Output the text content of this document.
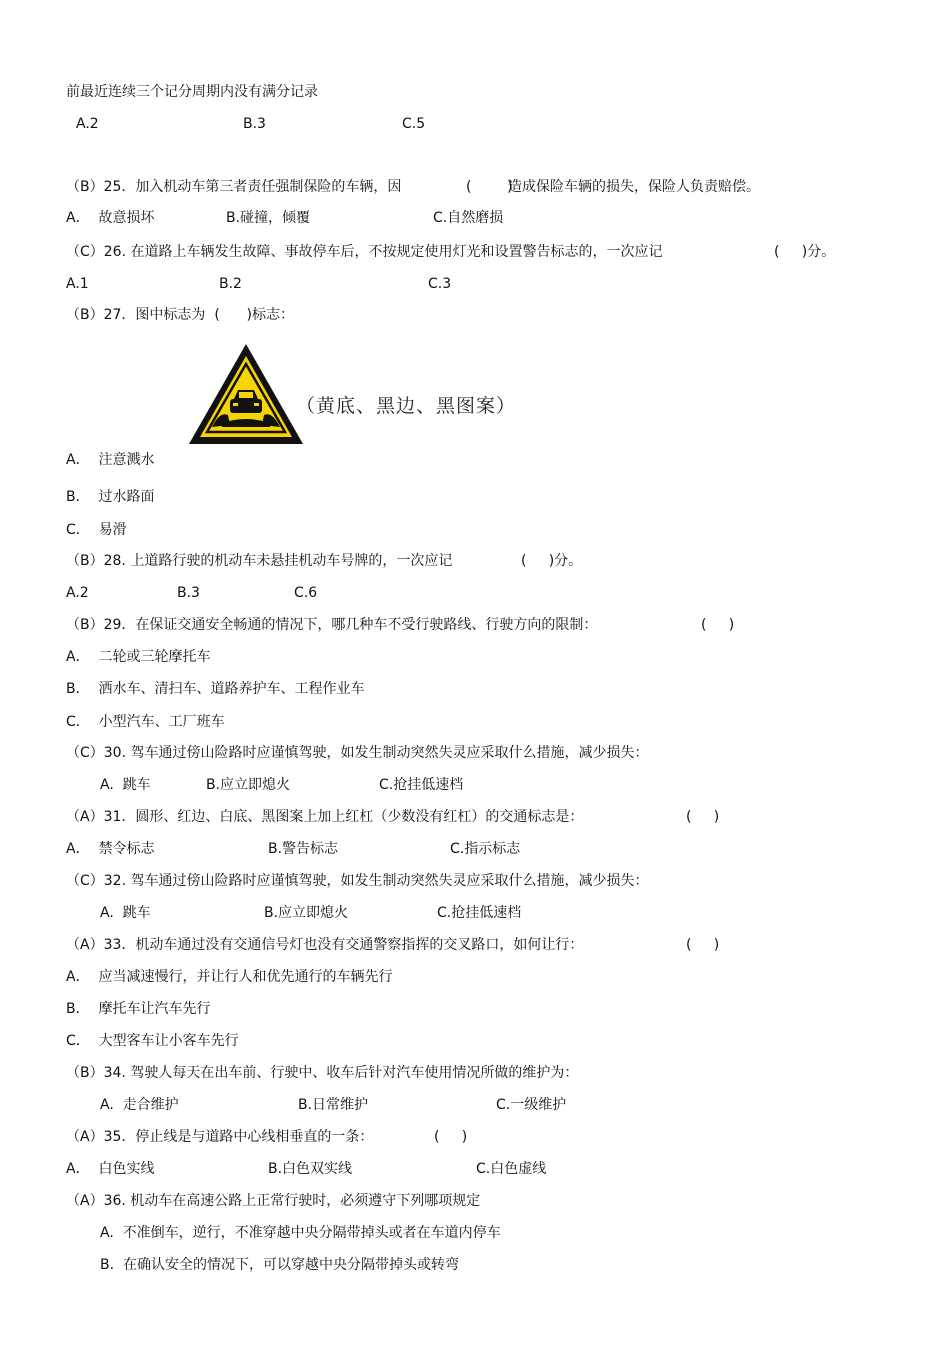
前最近连续三个记分周期内没有满分记录
A.2	B.3	C.5
（B）25．加入机动车第三者责任强制保险的车辆，因	(        )
造成保险车辆的损失，保险人负责赔偿。
A．  故意损坏	B.碰撞，倾覆	C.自然磨损
（C）26. 在道路上车辆发生故障、事故停车后，不按规定使用灯光和设置警告标志的，一次应记	(     )分。
A.1	B.2	C.3
（B）27．图中标志为  (      )标志：
（黄底、黑边、黑图案）
A．  注意溅水
B．  过水路面
C．  易滑
（B）28. 上道路行驶的机动车未悬挂机动车号牌的，一次应记	(     )分。
A.2	B.3	C.6
（B）29．在保证交通安全畅通的情况下，哪几种车不受行驶路线、行驶方向的限制：	(     )
A．  二轮或三轮摩托车
B．  洒水车、清扫车、道路养护车、工程作业车
C．  小型汽车、工厂班车
（C）30. 驾车通过傍山险路时应谨慎驾驶，如发生制动突然失灵应采取什么措施，减少损失：
A.  跳车	B.应立即熄火	C.抢挂低速档
（A）31．圆形、红边、白底、黑图案上加上红杠（少数没有红杠）的交通标志是：	(     )
A．  禁令标志	B.警告标志	C.指示标志
（C）32. 驾车通过傍山险路时应谨慎驾驶，如发生制动突然失灵应采取什么措施，减少损失：
A.  跳车	B.应立即熄火	C.抢挂低速档
（A）33．机动车通过没有交通信号灯也没有交通警察指挥的交叉路口，如何让行：	(     )
A．  应当减速慢行，并让行人和优先通行的车辆先行
B．  摩托车让汽车先行
C．  大型客车让小客车先行
（B）34. 驾驶人每天在出车前、行驶中、收车后针对汽车使用情况所做的维护为：
A.  走合维护	B.日常维护	C.一级维护
（A）35．停止线是与道路中心线相垂直的一条：	(     )
A．  白色实线	B.白色双实线	C.白色虚线
（A）36. 机动车在高速公路上正常行驶时，必须遵守下列哪项规定
A.  不准倒车，逆行，不准穿越中央分隔带掉头或者在车道内停车
B.  在确认安全的情况下，可以穿越中央分隔带掉头或转弯
